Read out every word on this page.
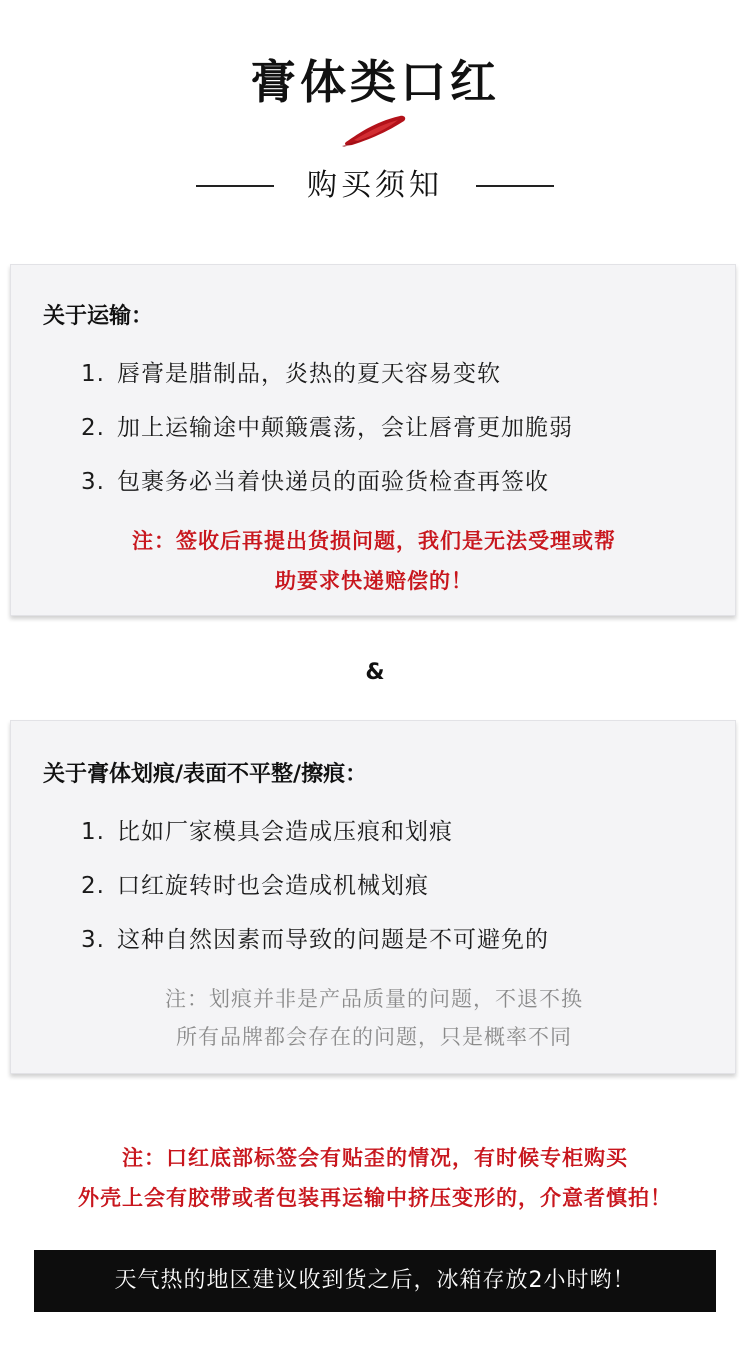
膏体类口红
购买须知
关于运输：
1. 唇膏是腊制品，炎热的夏天容易变软
2. 加上运输途中颠簸震荡，会让唇膏更加脆弱
3. 包裹务必当着快递员的面验货检查再签收
注：签收后再提出货损问题，我们是无法受理或帮
助要求快递赔偿的！
&
关于膏体划痕/表面不平整/擦痕：
1. 比如厂家模具会造成压痕和划痕
2. 口红旋转时也会造成机械划痕
3. 这种自然因素而导致的问题是不可避免的
注：划痕并非是产品质量的问题，不退不换
所有品牌都会存在的问题，只是概率不同
注：口红底部标签会有贴歪的情况，有时候专柜购买
外壳上会有胶带或者包装再运输中挤压变形的，介意者慎拍！
天气热的地区建议收到货之后，冰箱存放2小时哟！
